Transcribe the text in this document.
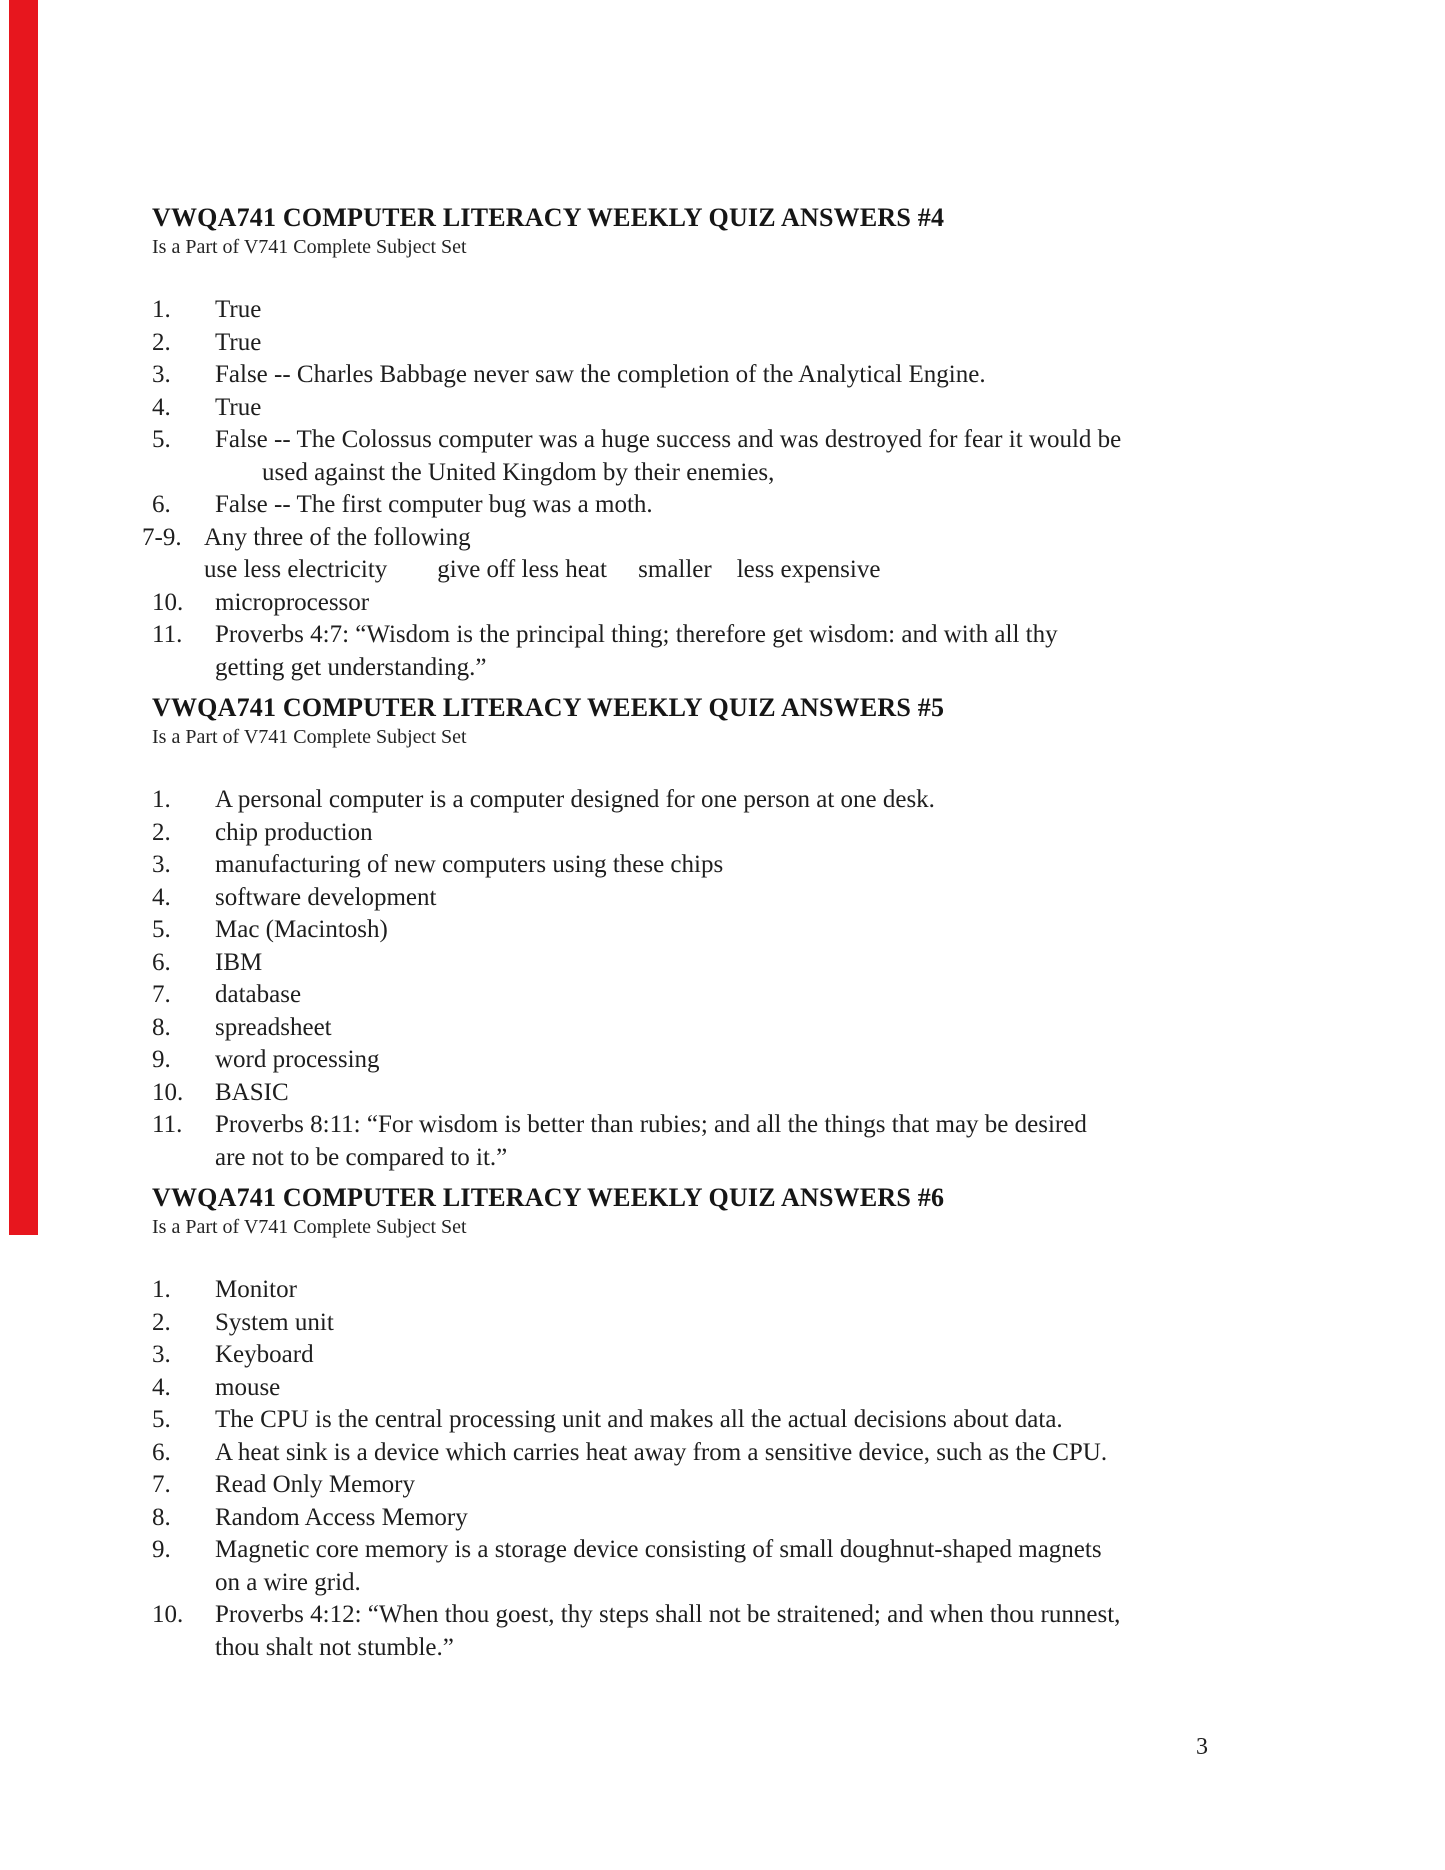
VWQA741 COMPUTER LITERACY WEEKLY QUIZ ANSWERS #4
Is a Part of V741 Complete Subject Set
1.	True
2.	True
3.	False -- Charles Babbage never saw the completion of the Analytical Engine.
4.	True
5.	False -- The Colossus computer was a huge success and was destroyed for fear it would be
used against the United Kingdom by their enemies,
6.	False -- The first computer bug was a moth.
7-9. Any three of the following
use less electricity        give off less heat     smaller    less expensive
10.	microprocessor
11.	Proverbs 4:7: “Wisdom is the principal thing; therefore get wisdom: and with all thy
getting get understanding.”
VWQA741 COMPUTER LITERACY WEEKLY QUIZ ANSWERS #5
Is a Part of V741 Complete Subject Set
1.	A personal computer is a computer designed for one person at one desk.
2.	chip production
3.	manufacturing of new computers using these chips
4.	software development
5.	Mac (Macintosh)
6.	IBM
7.	database
8.	spreadsheet
9.	word processing
10.	BASIC
11.	Proverbs 8:11: “For wisdom is better than rubies; and all the things that may be desired
are not to be compared to it.”
VWQA741 COMPUTER LITERACY WEEKLY QUIZ ANSWERS #6
Is a Part of V741 Complete Subject Set
1.	Monitor
2.	System unit
3.	Keyboard
4.	mouse
5.	The CPU is the central processing unit and makes all the actual decisions about data.
6.	A heat sink is a device which carries heat away from a sensitive device, such as the CPU.
7.	Read Only Memory
8.	Random Access Memory
9.	Magnetic core memory is a storage device consisting of small doughnut-shaped magnets
on a wire grid.
10.	Proverbs 4:12: “When thou goest, thy steps shall not be straitened; and when thou runnest,
thou shalt not stumble.”
3
